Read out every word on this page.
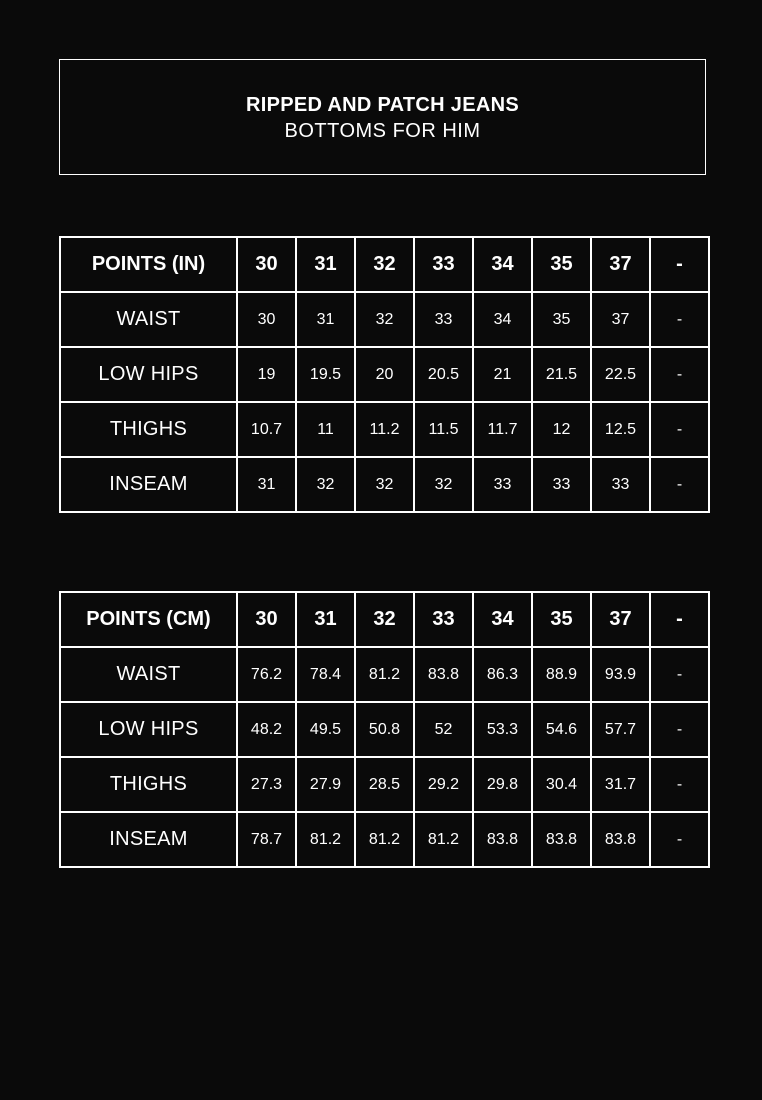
RIPPED AND PATCH JEANS
BOTTOMS FOR HIM
POINTS (IN)	30	31	32	33	34	35	37	-
WAIST	30	31	32	33	34	35	37	-
LOW HIPS	19	19.5	20	20.5	21	21.5	22.5	-
THIGHS	10.7	11	11.2	11.5	11.7	12	12.5	-
INSEAM	31	32	32	32	33	33	33	-
POINTS (CM)	30	31	32	33	34	35	37	-
WAIST	76.2	78.4	81.2	83.8	86.3	88.9	93.9	-
LOW HIPS	48.2	49.5	50.8	52	53.3	54.6	57.7	-
THIGHS	27.3	27.9	28.5	29.2	29.8	30.4	31.7	-
INSEAM	78.7	81.2	81.2	81.2	83.8	83.8	83.8	-
